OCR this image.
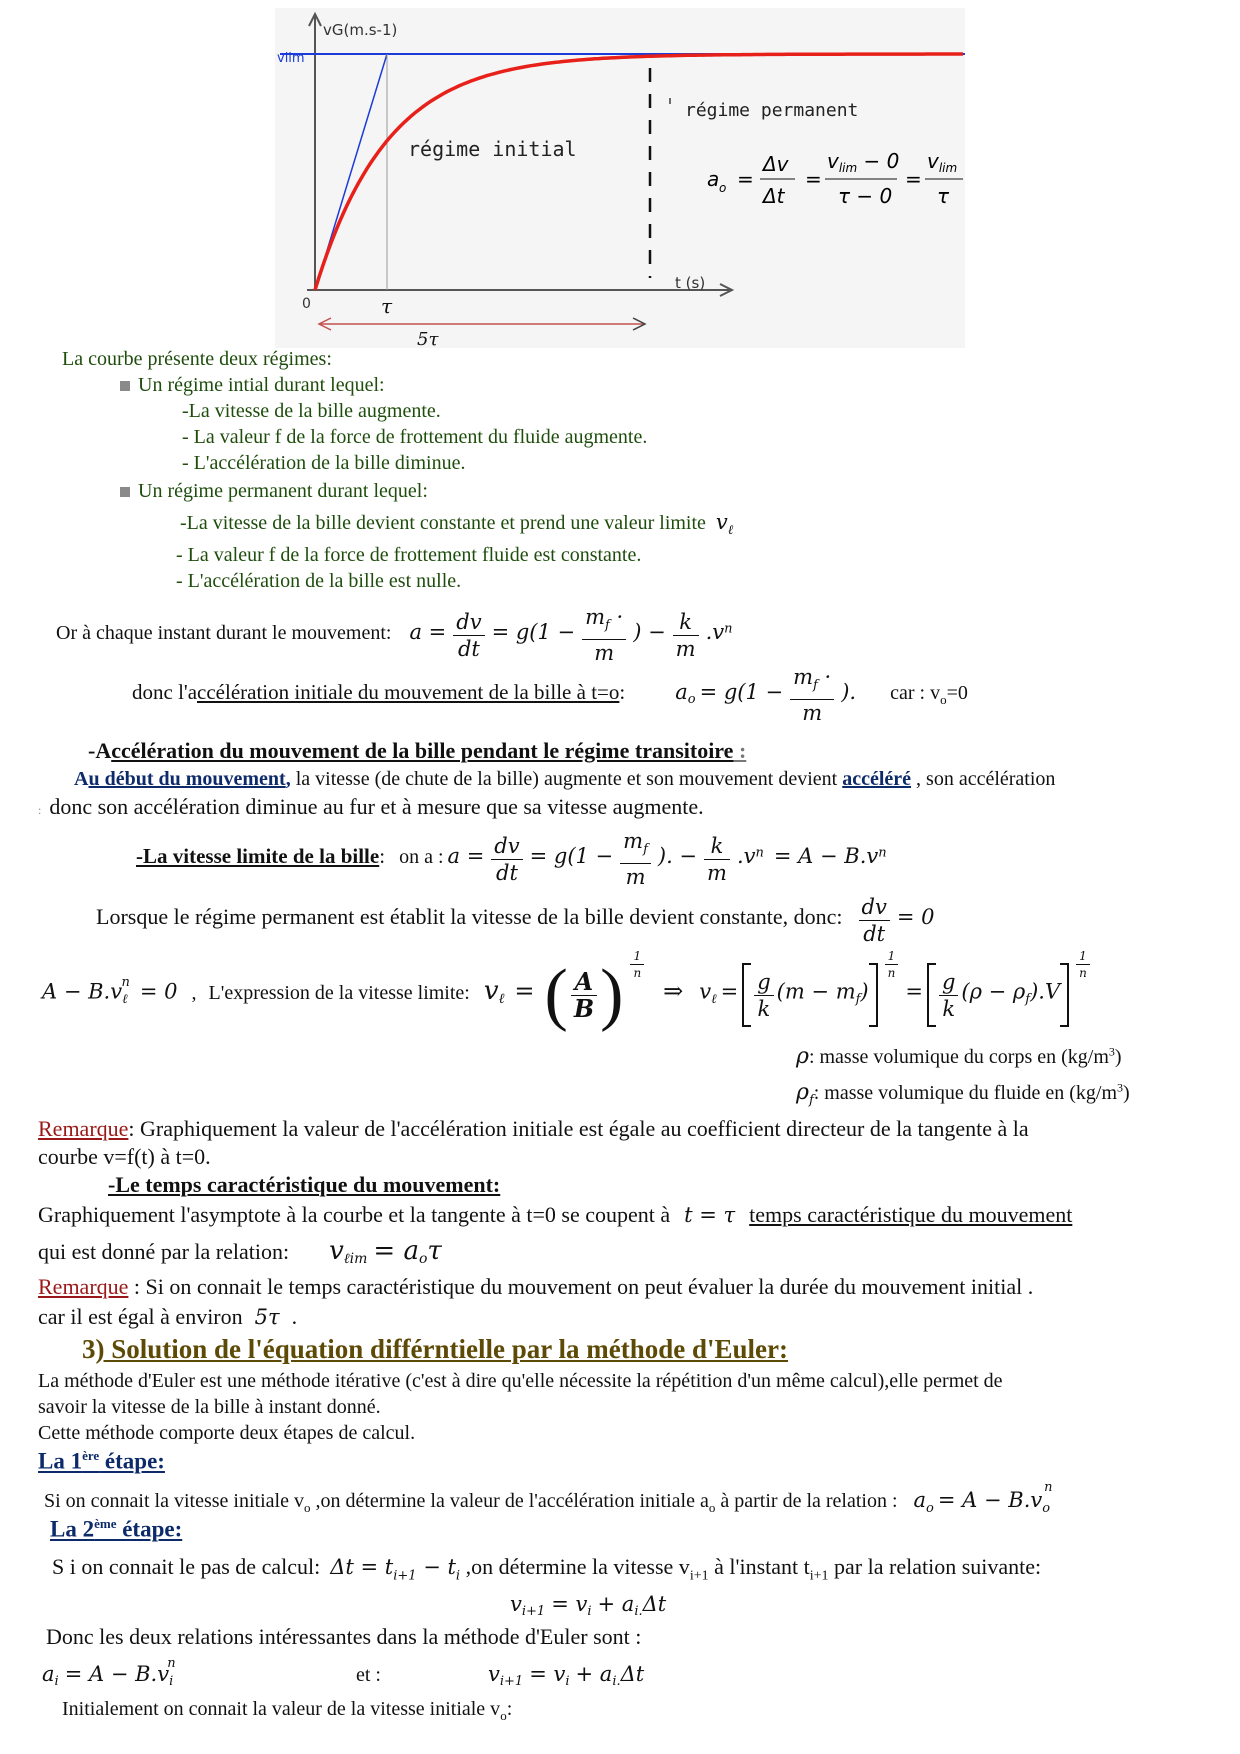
vG(m.s-1)
vlim
t (s)
0	τ
5τ
régime initial
régime permanent
a o =
Δv
Δt
=
$v_{lim} - 0$
τ − 0
=
$v_{lim}$
τ
La courbe présente deux régimes:
Un régime intial durant lequel:
-La vitesse de la bille augmente.
- La valeur f de la force de frottement du fluide augmente.
- L'accélération de la bille diminue.
Un régime permanent durant lequel:
-La vitesse de la bille devient constante et prend une valeur limite $v_\ell$
- La valeur f de la force de frottement fluide est constante.
- L'accélération de la bille est nulle.
Or à chaque instant durant le mouvement: $a = \frac{dv}{dt} = g(1 - \frac{m_f \cdot}{m}$ ) − $\frac{k}{m} .v^n$
donc l'accélération initiale du mouvement de la bille à t=o: $a_o = g(1 - \frac{m_f \cdot}{m}$ ). car : $v_o=0$
-Accélération du mouvement de la bille pendant le régime transitoire :
Au début du mouvement, la vitesse (de chute de la bille) augmente et son mouvement devient accéléré , son accélération
: donc son accélération diminue au fur et à mesure que sa vitesse augmente.
-La vitesse limite de la bille: on a : $a = \frac{dv}{dt} = g(1 - \frac{m_f}{m}$ ). − $\frac{k}{m} .v^n = A - B.v^n$
Lorsque le régime permanent est établit la vitesse de la bille devient constante, donc: $\frac{dv}{dt} = 0$
$A - B.v_\ell^n = 0$ , L'expression de la vitesse limite: $v_\ell$ = ( $\frac{A}{B}$ ) $\frac{1}{n}$
⇒ $v_\ell = \frac{g}{k} (m - m_f)$
$\frac{1}{n}$
= $\frac{g}{k} (\rho - \rho_f).V$
$\frac{1}{n}$
ρ: masse volumique du corps en $(kg/m^3)$
$\rho_f$: masse volumique du fluide en $(kg/m^3)$
Remarque: Graphiquement la valeur de l'accélération initiale est égale au coefficient directeur de la tangente à la
courbe v=f(t) à t=0.
-Le temps caractéristique du mouvement:
Graphiquement l'asymptote à la courbe et la tangente à t=0 se coupent à t = τ temps caractéristique du mouvement
qui est donné par la relation: $v_{\ell im} = a_o\tau$
Remarque : Si on connait le temps caractéristique du mouvement on peut évaluer la durée du mouvement initial .
car il est égal à environ 5τ .
3) Solution de l'équation différntielle par la méthode d'Euler:
La méthode d'Euler est une méthode itérative (c'est à dire qu'elle nécessite la répétition d'un même calcul),elle permet de
savoir la vitesse de la bille à instant donné.
Cette méthode comporte deux étapes de calcul.
La 1ère étape:
Si on connait la vitesse initiale $v_o$ ,on détermine la valeur de l'accélération initiale $a_o$ à partir de la relation : $a_o = A - B.v_o^n$
La 2ème étape:
S i on connait le pas de calcul: $\Delta t = t_{i+1} - t_i$ ,on détermine la vitesse $v_{i+1}$ à l'instant $t_{i+1}$ par la relation suivante:
$v_{i+1} = v_i + a_{i.}\Delta t$
Donc les deux relations intéressantes dans la méthode d'Euler sont :
$a_i = A - B.v_i^n$
et :	$v_{i+1} = v_i + a_{i.}\Delta t$
Initialement on connait la valeur de la vitesse initiale $v_o$:
